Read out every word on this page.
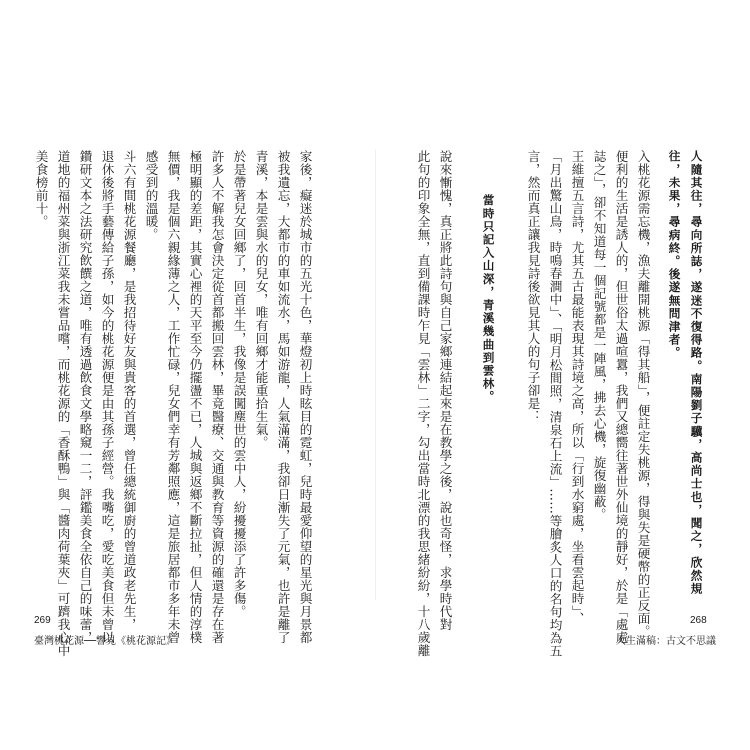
家後，癡迷於城市的五光十色，華燈初上時眩目的霓虹，兒時最愛仰望的星光與月景都
被我遺忘，大都市的車如流水，馬如游龍，人氣滿滿，我卻日漸失了元氣，也許是離了
青溪，本是雲與水的兒女，唯有回鄉才能重拾生氣。
於是帶著兒女回鄉了，回首半生，我像是誤闖塵世的雲中人，紛擾擾添了許多傷。
許多人不解我怎會決定從首都搬回雲林，畢竟醫療、交通與教育等資源的確還是存在著
極明顯的差距，其實心裡的天平至今仍擺盪不已，人城與返鄉不斷拉扯，但人情的淳樸
無價，我是個六親緣薄之人，工作忙碌，兒女們幸有芳鄰照應，這是旅居都市多年未曾
感受到的溫暖。
斗六有間桃花源餐廳，是我招待好友與貴客的首選，曾任總統御廚的曾道政老先生，
退休後將手藝傳給子孫，如今的桃花源便是由其孫子經營。我嘴吃，愛吃美食但未曾以
鑽研文本之法研究飲饌之道，唯有透過飲食文學略窺一二，評鑑美食全依自己的味蕾，
道地的福州菜與浙江菜我未嘗品嚐，而桃花源的「香酥鴨」與「醬肉荷葉夾」可躋我心中
美食榜前十。	人隨其往，尋向所誌，遂迷不復得路。南陽劉子驥，高尚士也，聞之，欣然規
往，未果，尋病終。後遂無問津者。
入桃花源需忘機，漁夫離開桃源「得其船」，便註定失桃源，得與失是硬幣的正反面。
便利的生活是誘人的，但世俗太過喧囂，我們又總嚮往著世外仙境的靜好，於是「處處
誌之」，卻不知道每一個記號都是一陣風，拂去心機，旋復幽蔽。
王維擅五言詩，尤其五古最能表現其詩境之高，所以「行到水窮處，坐看雲起時」、
「月出驚山鳥，時鳴春澗中」、「明月松間照，清泉石上流」……等膾炙人口的名句均為五
言，然而真正讓我見詩後欲見其人的句子卻是：
當時只記入山深，青溪幾曲到雲林。
說來慚愧，真正將此詩句與自己家鄉連結起來是在教學之後，說也奇怪，求學時代對
此句的印象全無，直到備課時乍見「雲林」二字，勾出當時北漂的我思緒紛紛，十八歲離
269
臺灣桃花源──響見《桃花源記》
268
人生滿稿：古文不思議
